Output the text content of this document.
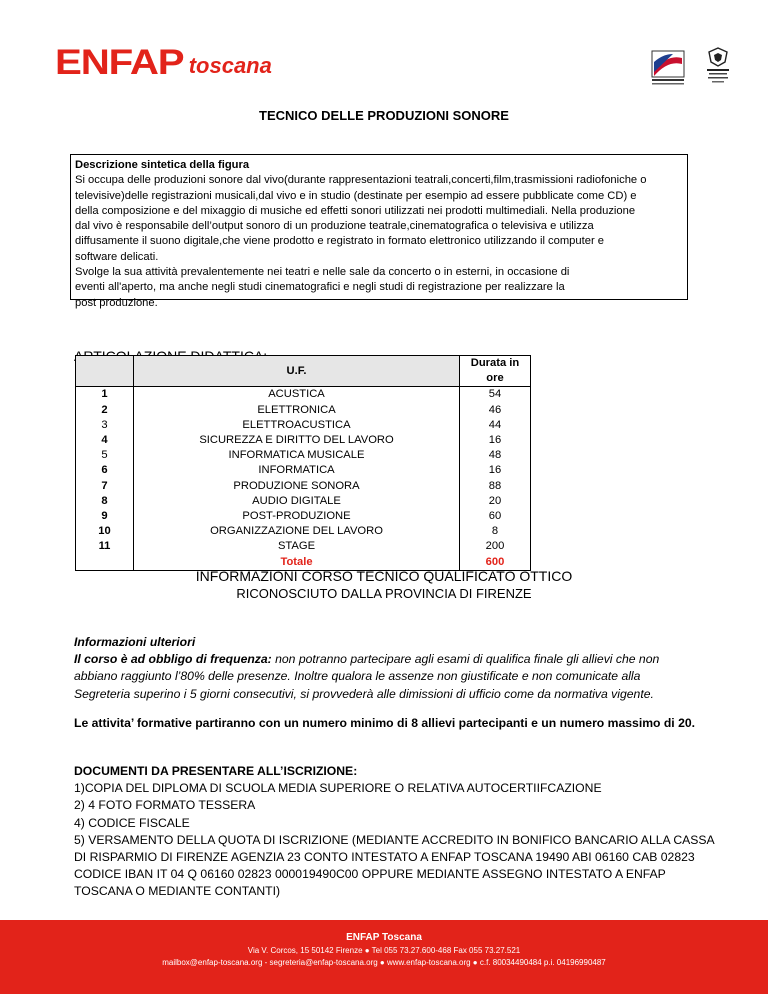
ENFAP toscana
TECNICO DELLE PRODUZIONI SONORE
Descrizione sintetica della figura
Si occupa delle produzioni sonore dal vivo(durante rappresentazioni teatrali,concerti,film,trasmissioni radiofoniche o
televisive)delle registrazioni musicali,dal vivo e in studio (destinate per esempio ad essere pubblicate come CD) e
della composizione e del mixaggio di musiche ed effetti sonori utilizzati nei prodotti multimediali. Nella produzione
dal vivo è responsabile dell’output sonoro di un produzione teatrale,cinematografica o televisiva e utilizza
diffusamente il suono digitale,che viene prodotto e registrato in formato elettronico utilizzando il computer e
software delicati.
Svolge la sua attività prevalentemente nei teatri e nelle sale da concerto o in esterni, in occasione di
eventi all'aperto, ma anche negli studi cinematografici e negli studi di registrazione per realizzare la
post produzione.
	U.F.	Durata in
ore

1	ACUSTICA	54
2	ELETTRONICA	46
3	ELETTROACUSTICA	44
4	SICUREZZA E DIRITTO DEL LAVORO	16
5	INFORMATICA MUSICALE	48
6	INFORMATICA	16
7	PRODUZIONE SONORA	88
8	AUDIO DIGITALE	20
9	POST-PRODUZIONE	60
10	ORGANIZZAZIONE DEL LAVORO	8
11	STAGE	200
	Totale	600
INFORMAZIONI CORSO TECNICO QUALIFICATO OTTICO
RICONOSCIUTO DALLA PROVINCIA DI FIRENZE
Informazioni ulteriori
Il corso è ad obbligo di frequenza: non potranno partecipare agli esami di qualifica finale gli allievi che non abbiano raggiunto l’80% delle presenze. Inoltre qualora le assenze non giustificate e non comunicate alla Segreteria superino i 5 giorni consecutivi, si provvederà alle dimissioni di ufficio come da normativa vigente.
Le attivita’ formative partiranno con un numero minimo di 8 allievi partecipanti e un numero massimo di 20.
DOCUMENTI DA PRESENTARE ALL’ISCRIZIONE:
1)COPIA DEL DIPLOMA DI SCUOLA MEDIA SUPERIORE O RELATIVA AUTOCERTIIFCAZIONE
2) 4 FOTO FORMATO TESSERA
4) CODICE FISCALE
5) VERSAMENTO DELLA QUOTA DI ISCRIZIONE (MEDIANTE ACCREDITO IN BONIFICO BANCARIO ALLA CASSA DI RISPARMIO DI FIRENZE AGENZIA 23 CONTO INTESTATO A ENFAP TOSCANA 19490 ABI 06160 CAB 02823 CODICE IBAN IT 04 Q 06160 02823 000019490C00 OPPURE MEDIANTE ASSEGNO INTESTATO A ENFAP TOSCANA O MEDIANTE CONTANTI)
ENFAP Toscana
Via V. Corcos, 15 50142 Firenze ● Tel 055 73.27.600-468 Fax 055 73.27.521
mailbox@enfap-toscana.org - segreteria@enfap-toscana.org ● www.enfap-toscana.org ● c.f. 80034490484 p.i. 04196990487
